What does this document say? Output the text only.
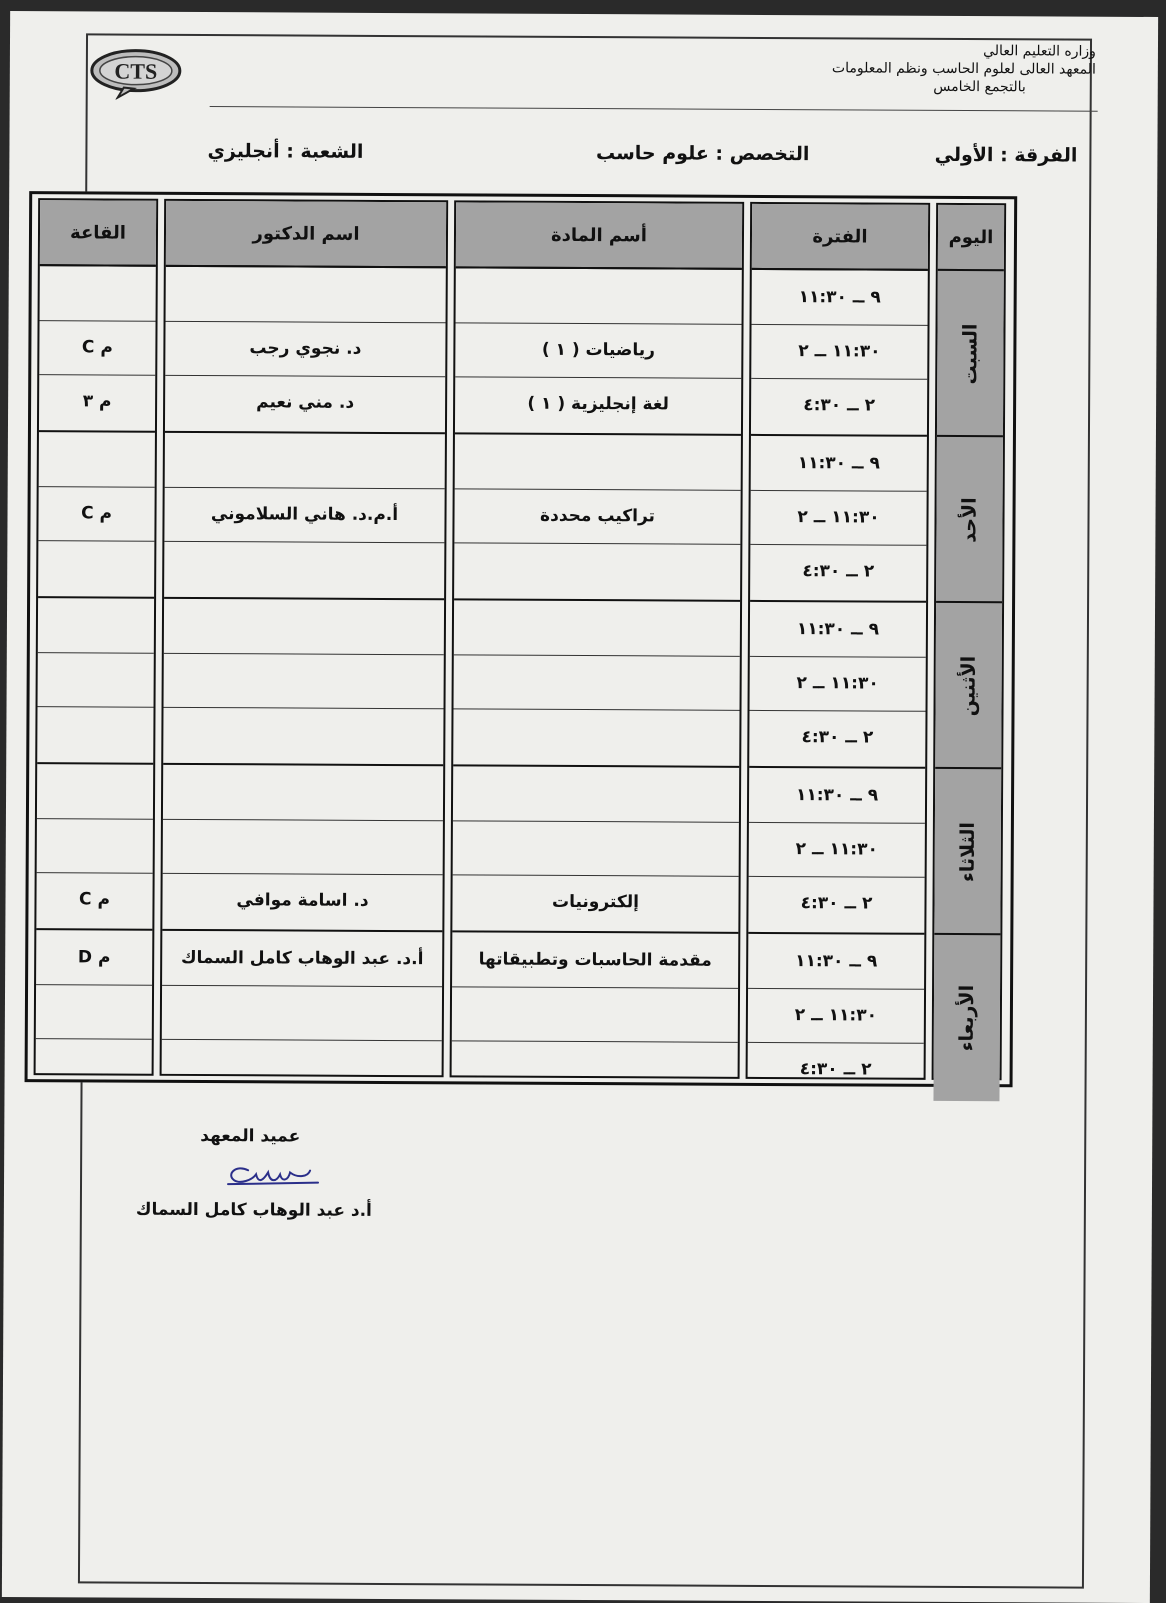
CTS
وزاره التعليم العالي
المعهد العالى لعلوم الحاسب ونظم المعلومات
بالتجمع الخامس
الفرقة : الأولي
التخصص : علوم حاسب
الشعبة : أنجليزي
اليوم
السبت
الأحد
الأثنين
الثلاثاء
الأربعاء
الفترة
٩ ــ ١١:٣٠
١١:٣٠ ــ ٢
٢ ــ ٤:٣٠
٩ ــ ١١:٣٠
١١:٣٠ ــ ٢
٢ ــ ٤:٣٠
٩ ــ ١١:٣٠
١١:٣٠ ــ ٢
٢ ــ ٤:٣٠
٩ ــ ١١:٣٠
١١:٣٠ ــ ٢
٢ ــ ٤:٣٠
٩ ــ ١١:٣٠
١١:٣٠ ــ ٢
٢ ــ ٤:٣٠
أسم المادة
رياضيات ( ١ )
لغة إنجليزية ( ١ )
تراكيب محددة
إلكترونيات
مقدمة الحاسبات وتطبيقاتها
اسم الدكتور
د. نجوي رجب
د. مني نعيم
أ.م.د. هاني السلاموني
د. اسامة موافي
أ.د. عبد الوهاب كامل السماك
القاعة
م C
م ٣
م C
م C
م D
عميد المعهد
أ.د عبد الوهاب كامل السماك
